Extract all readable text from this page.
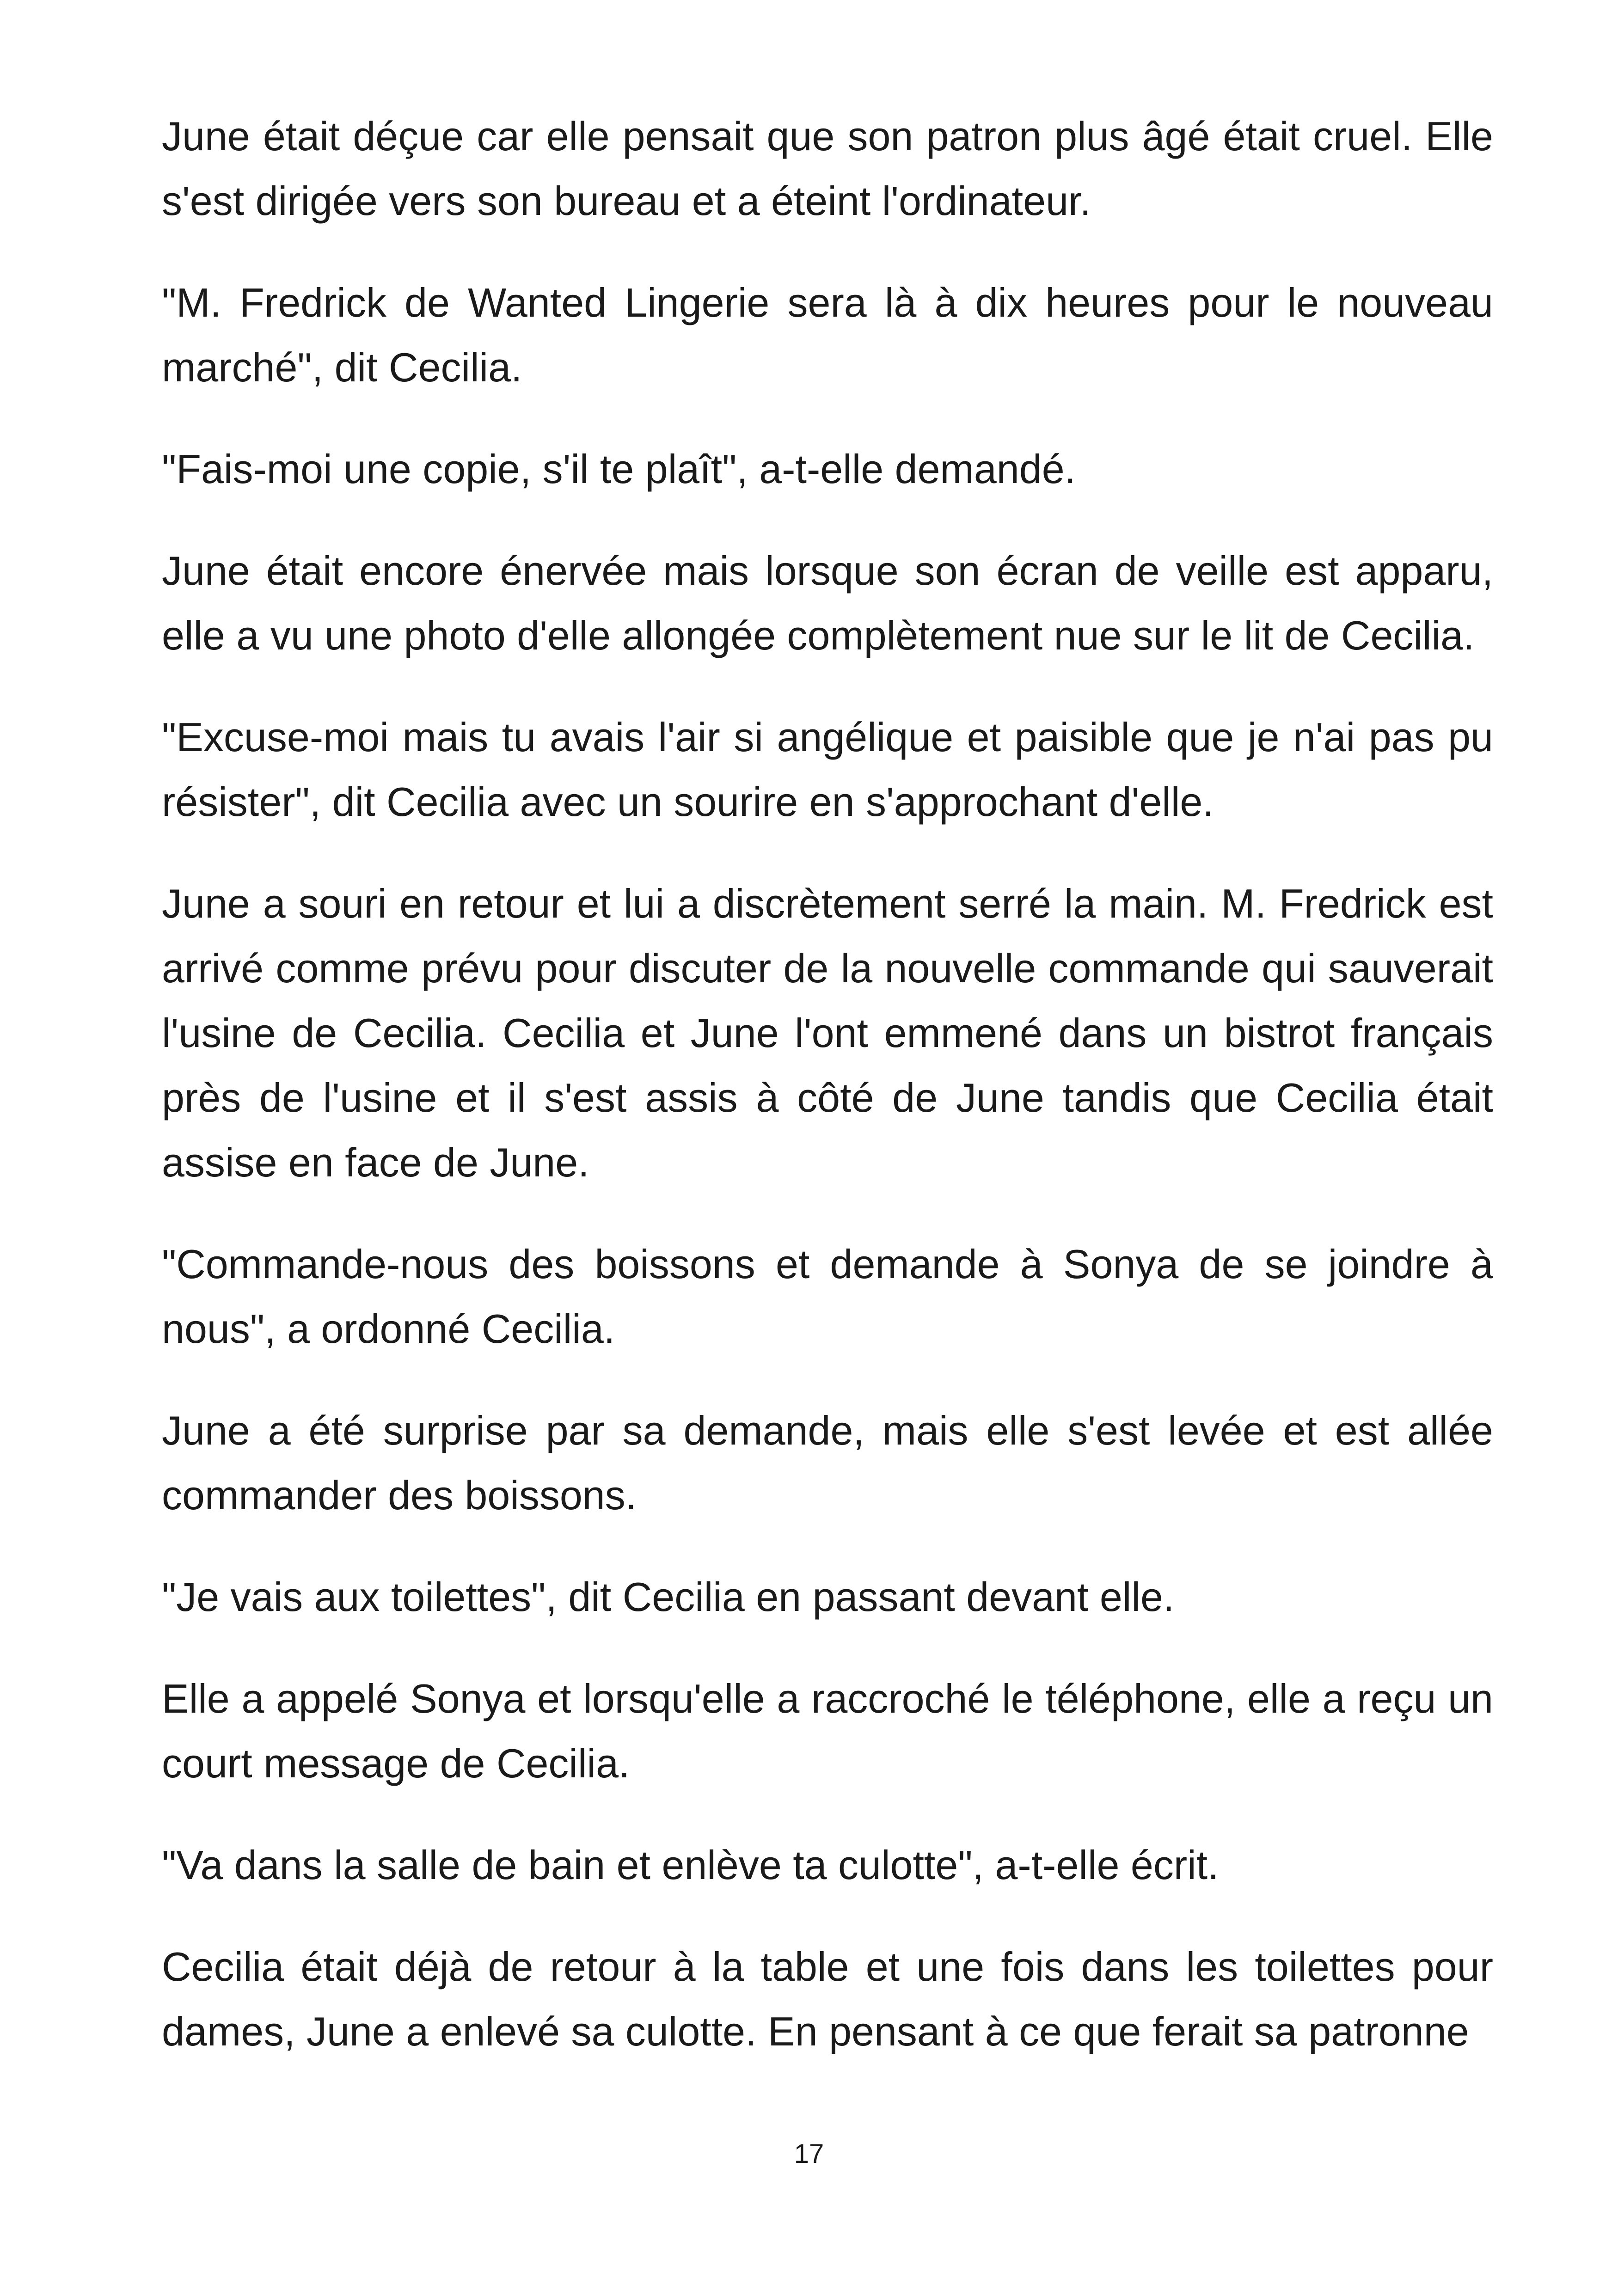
June était déçue car elle pensait que son patron plus âgé était cruel. Elle s'est dirigée vers son bureau et a éteint l'ordinateur.

"M. Fredrick de Wanted Lingerie sera là à dix heures pour le nouveau marché", dit Cecilia.

"Fais-moi une copie, s'il te plaît", a-t-elle demandé.

June était encore énervée mais lorsque son écran de veille est apparu, elle a vu une photo d'elle allongée complètement nue sur le lit de Cecilia.

"Excuse-moi mais tu avais l'air si angélique et paisible que je n'ai pas pu résister", dit Cecilia avec un sourire en s'approchant d'elle.

June a souri en retour et lui a discrètement serré la main. M. Fredrick est arrivé comme prévu pour discuter de la nouvelle commande qui sauverait l'usine de Cecilia. Cecilia et June l'ont emmené dans un bistrot français près de l'usine et il s'est assis à côté de June tandis que Cecilia était assise en face de June.

"Commande-nous des boissons et demande à Sonya de se joindre à nous", a ordonné Cecilia.

June a été surprise par sa demande, mais elle s'est levée et est allée commander des boissons.

"Je vais aux toilettes", dit Cecilia en passant devant elle.

Elle a appelé Sonya et lorsqu'elle a raccroché le téléphone, elle a reçu un court message de Cecilia.

"Va dans la salle de bain et enlève ta culotte", a-t-elle écrit.

Cecilia était déjà de retour à la table et une fois dans les toilettes pour dames, June a enlevé sa culotte. En pensant à ce que ferait sa patronne

17
